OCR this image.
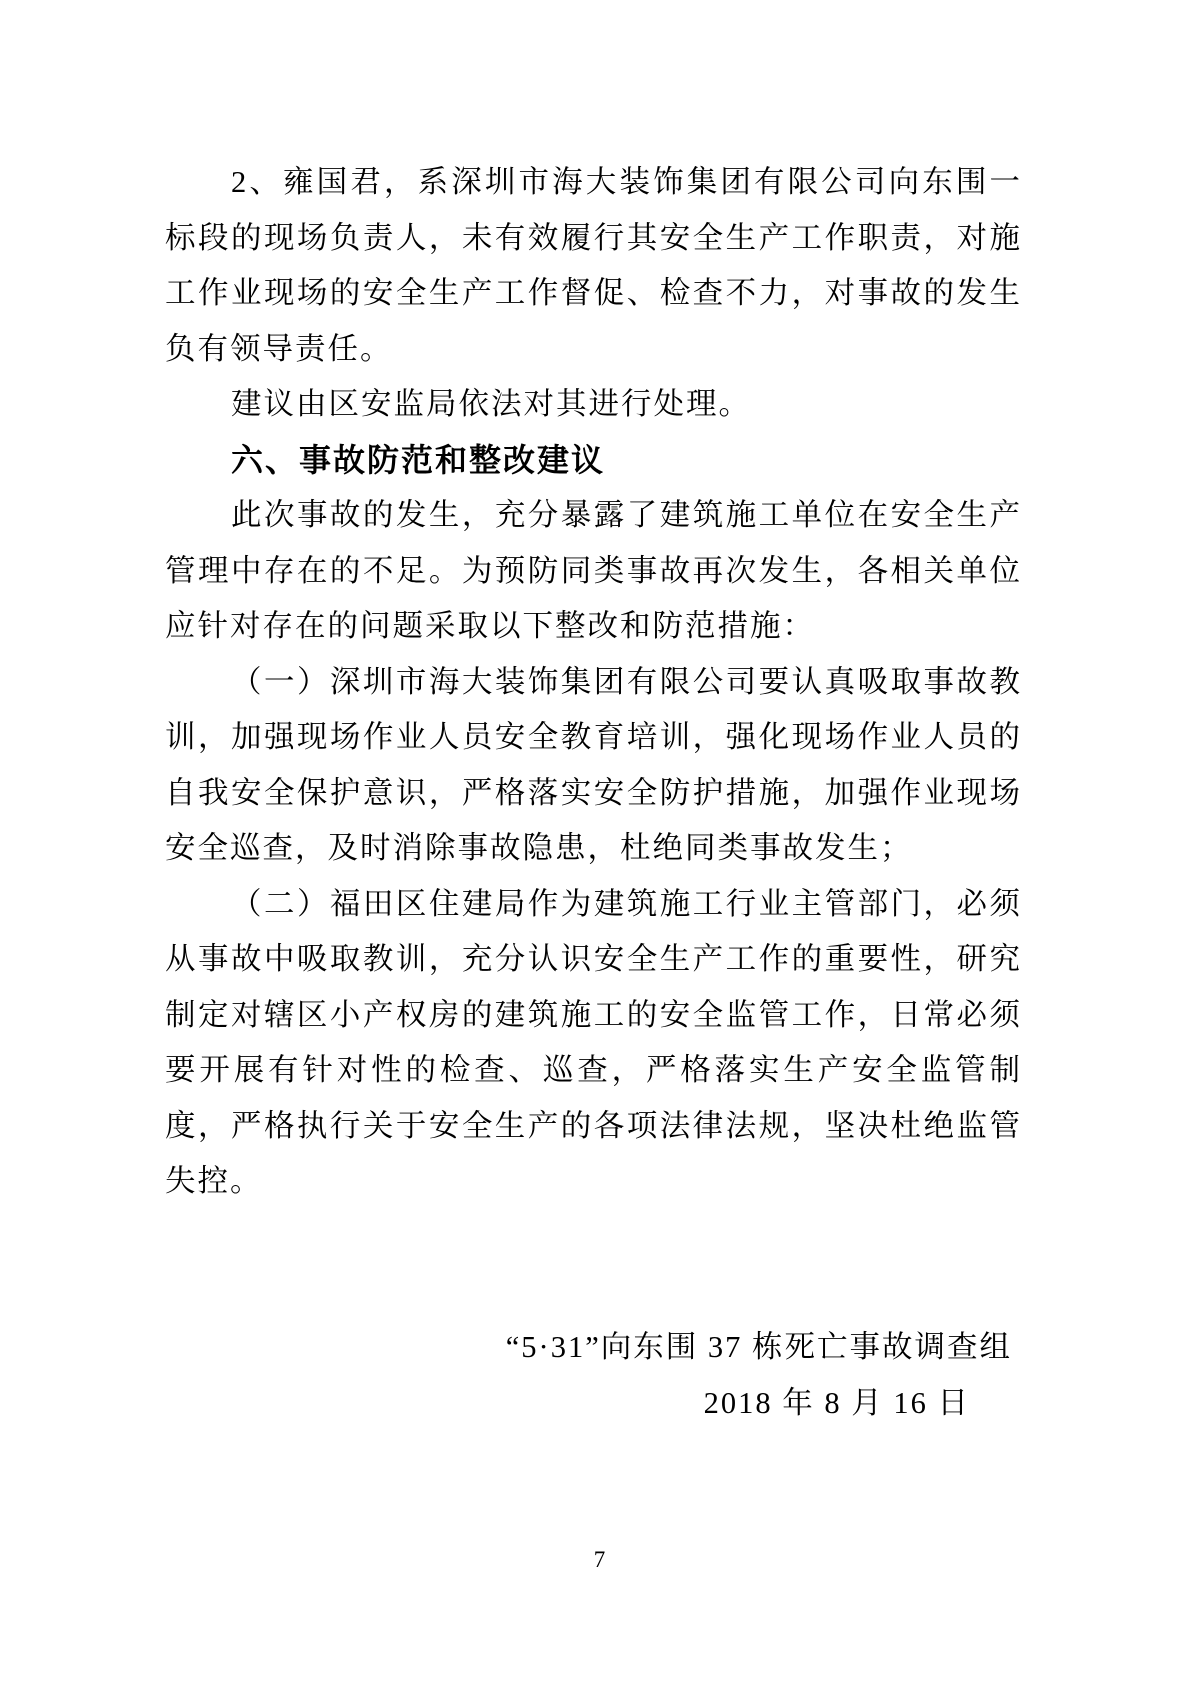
2、雍国君，系深圳市海大装饰集团有限公司向东围一标段的现场负责人，未有效履行其安全生产工作职责，对施工作业现场的安全生产工作督促、检查不力，对事故的发生负有领导责任。

建议由区安监局依法对其进行处理。

六、事故防范和整改建议

此次事故的发生，充分暴露了建筑施工单位在安全生产管理中存在的不足。为预防同类事故再次发生，各相关单位应针对存在的问题采取以下整改和防范措施：

（一）深圳市海大装饰集团有限公司要认真吸取事故教训，加强现场作业人员安全教育培训，强化现场作业人员的自我安全保护意识，严格落实安全防护措施，加强作业现场安全巡查，及时消除事故隐患，杜绝同类事故发生；

（二）福田区住建局作为建筑施工行业主管部门，必须从事故中吸取教训，充分认识安全生产工作的重要性，研究制定对辖区小产权房的建筑施工的安全监管工作，日常必须要开展有针对性的检查、巡查，严格落实生产安全监管制度，严格执行关于安全生产的各项法律法规，坚决杜绝监管失控。

“5·31”向东围 37 栋死亡事故调查组

2018 年 8 月 16 日

7
